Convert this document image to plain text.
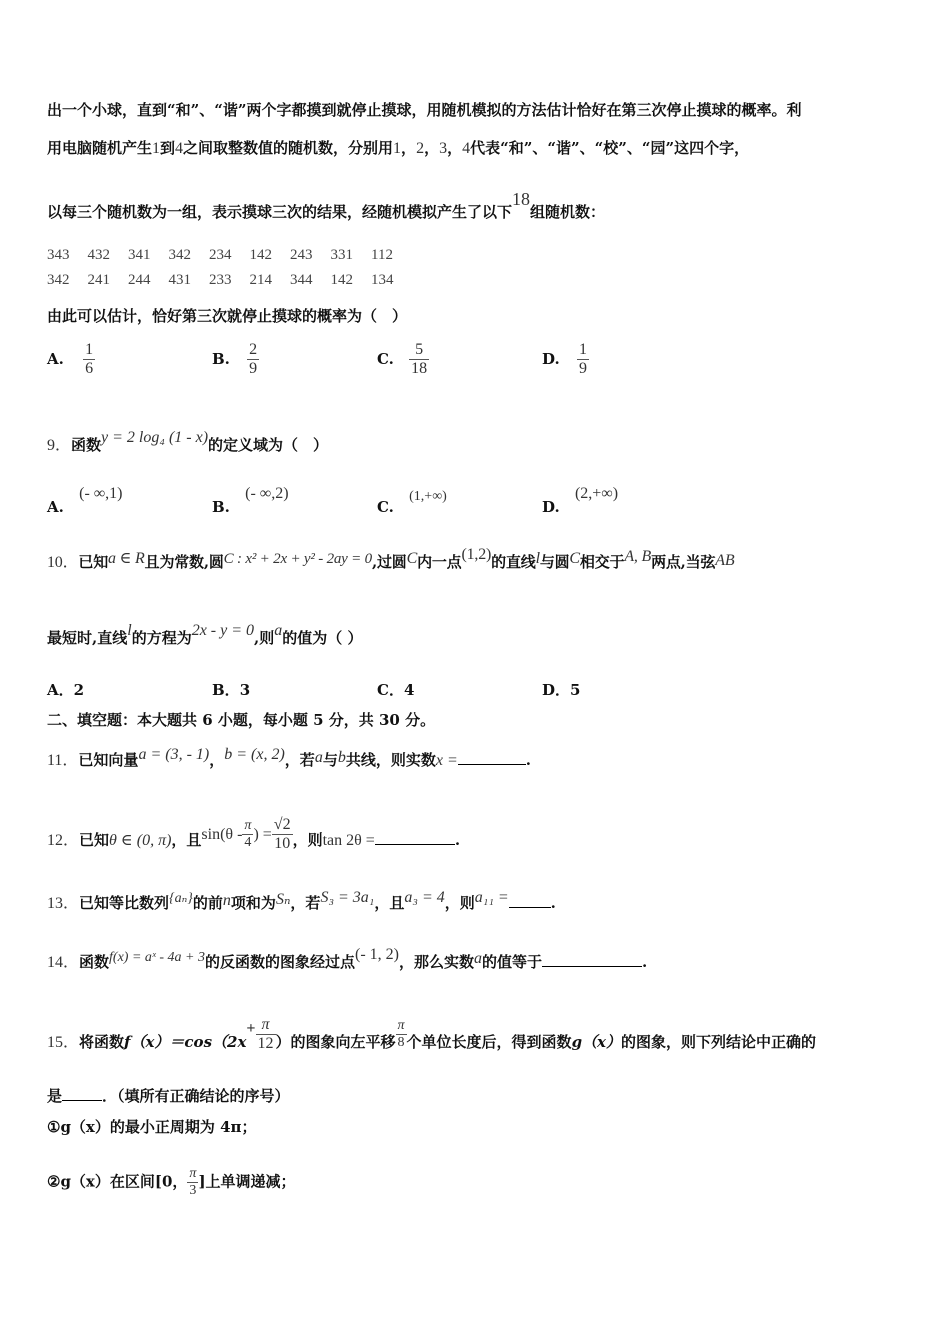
出一个小球，直到“和”、“谐”两个字都摸到就停止摸球，用随机模拟的方法估计恰好在第三次停止摸球的概率。利
用电脑随机产生1到4之间取整数值的随机数，分别用1，2，3，4代表“和”、“谐”、“校”、“园”这四个字，
以每三个随机数为一组，表示摸球三次的结果，经随机模拟产生了以下18组随机数：
343 432 341 342 234 142 243 331 112
342 241 244 431 233 214 344 142 134
由此可以估计，恰好第三次就停止摸球的概率为（　）
A. $\frac{1}{6}$	B. $\frac{2}{9}$	C. $\frac{5}{18}$	D. $\frac{1}{9}$
9．函数y = 2 log₄ (1 - x)的定义域为（　）
A. (- ∞,1)
B. (- ∞,2)
C. (1,+∞)
D. (2,+∞)
10．已知a ∈ R且为常数,圆C : x² + 2x + y² - 2ay = 0,过圆C内一点(1,2)的直线l与圆C相交于A, B两点,当弦AB
最短时,直线l的方程为2x - y = 0,则a的值为（ ）
A．2	B．3	C．4	D．5
二、填空题：本大题共 6 小题，每小题 5 分，共 30 分。
11．已知向量a = (3, - 1)，b = (x, 2)，若a与b共线，则实数x =	.
12．已知θ ∈ (0, π)，且$\sin(\theta - \frac{\pi}{4}$ ) = $\frac{√2}{10}$ ，则tan 2θ =	.
13．已知等比数列{aₙ}的前n项和为Sₙ，若S₃ = 3a₁，且a₃ = 4，则a₁₁ =	.
14．函数f(x) = aˣ - 4a + 3的反函数的图象经过点(- 1, 2)，那么实数a的值等于	.
15．将函数$f(x)=\cos(2x+ \frac{\pi}{12}$ ）的图象向左平移 $\frac{\pi}{8}$ 个单位长度后，得到函数g（x）的图象，则下列结论中正确的
是	．（填所有正确结论的序号）
①g（x）的最小正周期为 4π；
②g（x）在区间[0， $\frac{\pi}{3}$ ]上单调递减；
